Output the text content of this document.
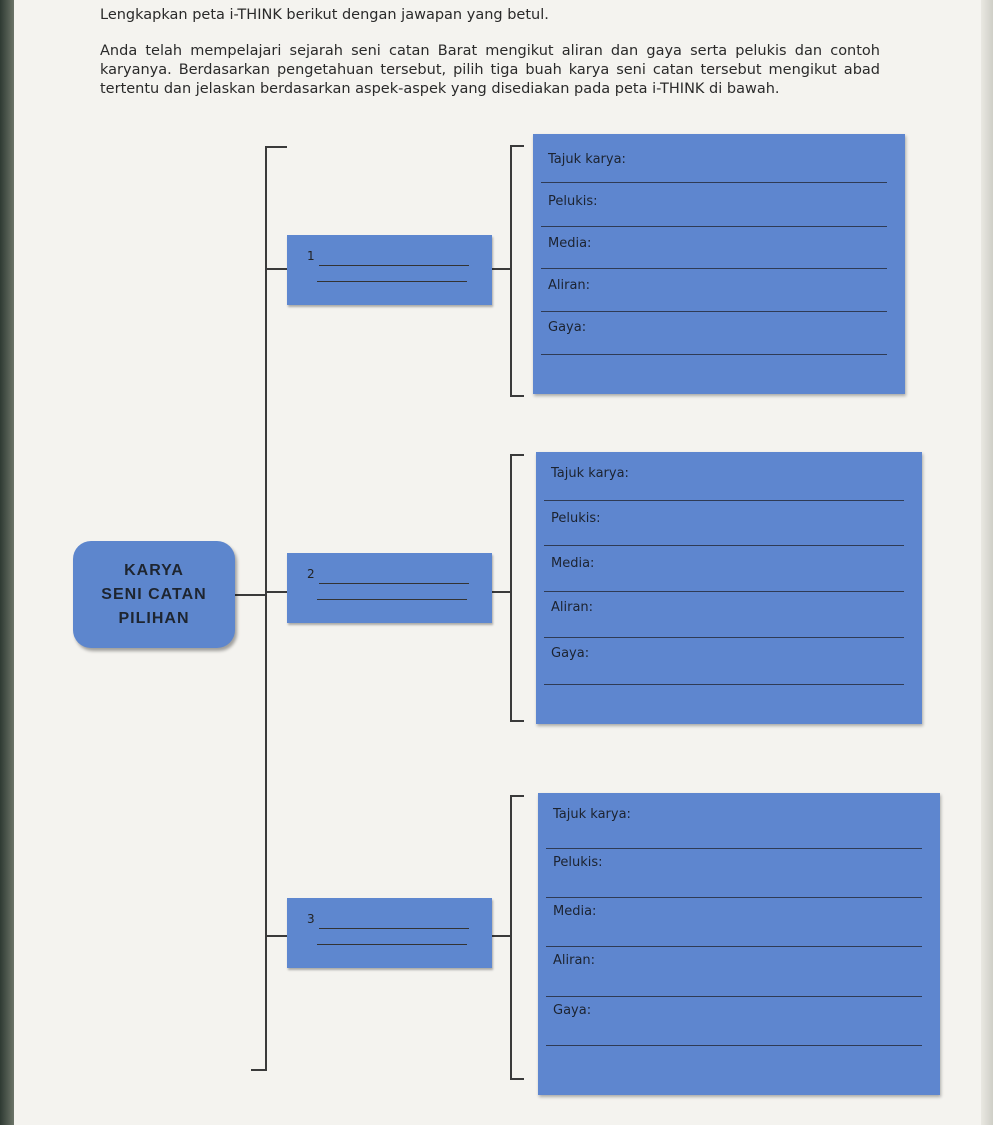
Lengkapkan peta i-THINK berikut dengan jawapan yang betul.

Anda telah mempelajari sejarah seni catan Barat mengikut aliran dan gaya serta pelukis dan contoh karyanya. Berdasarkan pengetahuan tersebut, pilih tiga buah karya seni catan tersebut mengikut abad tertentu dan jelaskan berdasarkan aspek-aspek yang disediakan pada peta i-THINK di bawah.

KARYA
SENI CATAN
PILIHAN
1
2
3
Tajuk karya:
Pelukis:
Media:
Aliran:
Gaya:
Tajuk karya:
Pelukis:
Media:
Aliran:
Gaya:
Tajuk karya:
Pelukis:
Media:
Aliran:
Gaya:
